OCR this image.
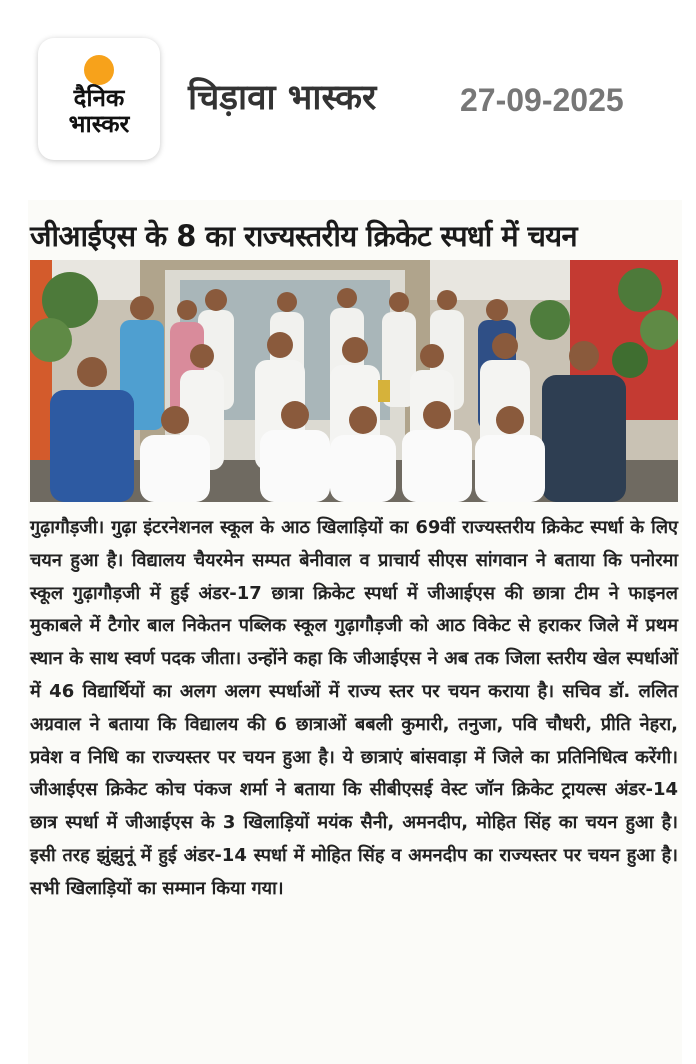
दैनिक
भास्कर
चिड़ावा भास्कर	27-09-2025
जीआईएस के 8 का राज्यस्तरीय क्रिकेट स्पर्धा में चयन
गुढ़ागौड़जी। गुढ़ा इंटरनेशनल स्कूल के आठ खिलाड़ियों का 69वीं राज्यस्तरीय क्रिकेट स्पर्धा के लिए चयन हुआ है। विद्यालय चैयरमेन सम्पत बेनीवाल व प्राचार्य सीएस सांगवान ने बताया कि पनोरमा स्कूल गुढ़ागौड़जी में हुई अंडर-17 छात्रा क्रिकेट स्पर्धा में जीआईएस की छात्रा टीम ने फाइनल मुकाबले में टैगोर बाल निकेतन पब्लिक स्कूल गुढ़ागौड़जी को आठ विकेट से हराकर जिले में प्रथम स्थान के साथ स्वर्ण पदक जीता। उन्होंने कहा कि जीआईएस ने अब तक जिला स्तरीय खेल स्पर्धाओं में 46 विद्यार्थियों का अलग अलग स्पर्धाओं में राज्य स्तर पर चयन कराया है। सचिव डॉ. ललित अग्रवाल ने बताया कि विद्यालय की 6 छात्राओं बबली कुमारी, तनुजा, पवि चौधरी, प्रीति नेहरा, प्रवेश व निधि का राज्यस्तर पर चयन हुआ है। ये छात्राएं बांसवाड़ा में जिले का प्रतिनिधित्व करेंगी। जीआईएस क्रिकेट कोच पंकज शर्मा ने बताया कि सीबीएसई वेस्ट जॉन क्रिकेट ट्रायल्स अंडर-14 छात्र स्पर्धा में जीआईएस के 3 खिलाड़ियों मयंक सैनी, अमनदीप, मोहित सिंह का चयन हुआ है। इसी तरह झुंझुनूं में हुई अंडर-14 स्पर्धा में मोहित सिंह व अमनदीप का राज्यस्तर पर चयन हुआ है। सभी खिलाड़ियों का सम्मान किया गया।
